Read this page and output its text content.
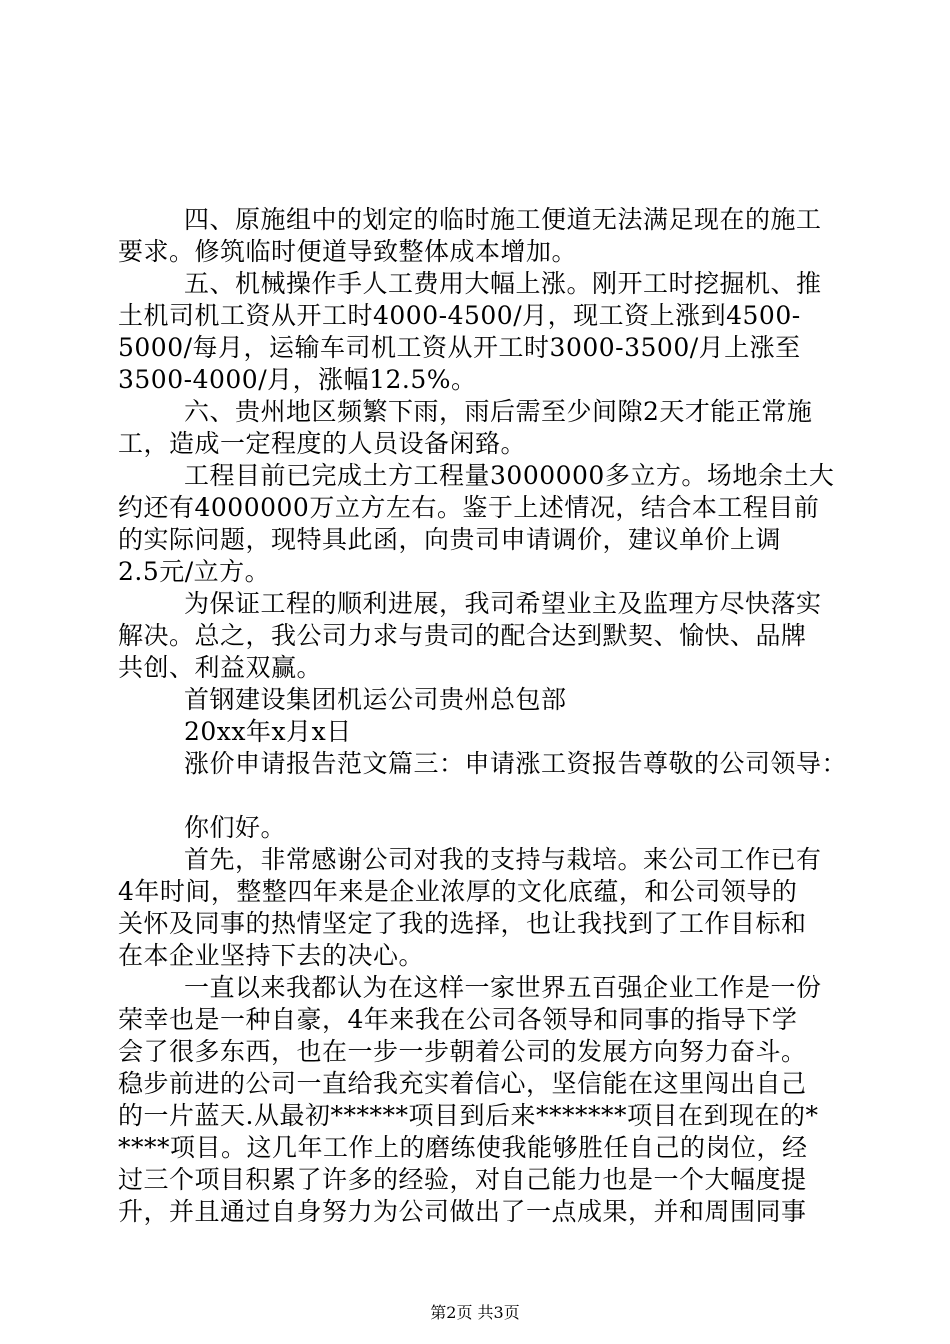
四、原施组中的划定的临时施工便道无法满足现在的施工
要求。修筑临时便道导致整体成本增加。
五、机械操作手人工费用大幅上涨。刚开工时挖掘机、推
土机司机工资从开工时4000-4500/月，现工资上涨到4500-
5000/每月，运输车司机工资从开工时3000-3500/月上涨至
3500-4000/月，涨幅12.5%。
六、贵州地区频繁下雨，雨后需至少间隙2天才能正常施
工，造成一定程度的人员设备闲臵。
工程目前已完成土方工程量3000000多立方。场地余土大
约还有4000000万立方左右。鉴于上述情况，结合本工程目前
的实际问题，现特具此函，向贵司申请调价，建议单价上调
2.5元/立方。
为保证工程的顺利进展，我司希望业主及监理方尽快落实
解决。总之，我公司力求与贵司的配合达到默契、愉快、品牌
共创、利益双赢。
首钢建设集团机运公司贵州总包部
20xx年x月x日
涨价申请报告范文篇三：申请涨工资报告尊敬的公司领导：
你们好。
首先，非常感谢公司对我的支持与栽培。来公司工作已有
4年时间，整整四年来是企业浓厚的文化底蕴，和公司领导的
关怀及同事的热情坚定了我的选择，也让我找到了工作目标和
在本企业坚持下去的决心。
一直以来我都认为在这样一家世界五百强企业工作是一份
荣幸也是一种自豪，4年来我在公司各领导和同事的指导下学
会了很多东西，也在一步一步朝着公司的发展方向努力奋斗。
稳步前进的公司一直给我充实着信心，坚信能在这里闯出自己
的一片蓝天.从最初******项目到后来*******项目在到现在的*
****项目。这几年工作上的磨练使我能够胜任自己的岗位，经
过三个项目积累了许多的经验，对自己能力也是一个大幅度提
升，并且通过自身努力为公司做出了一点成果，并和周围同事
第2页 共3页
